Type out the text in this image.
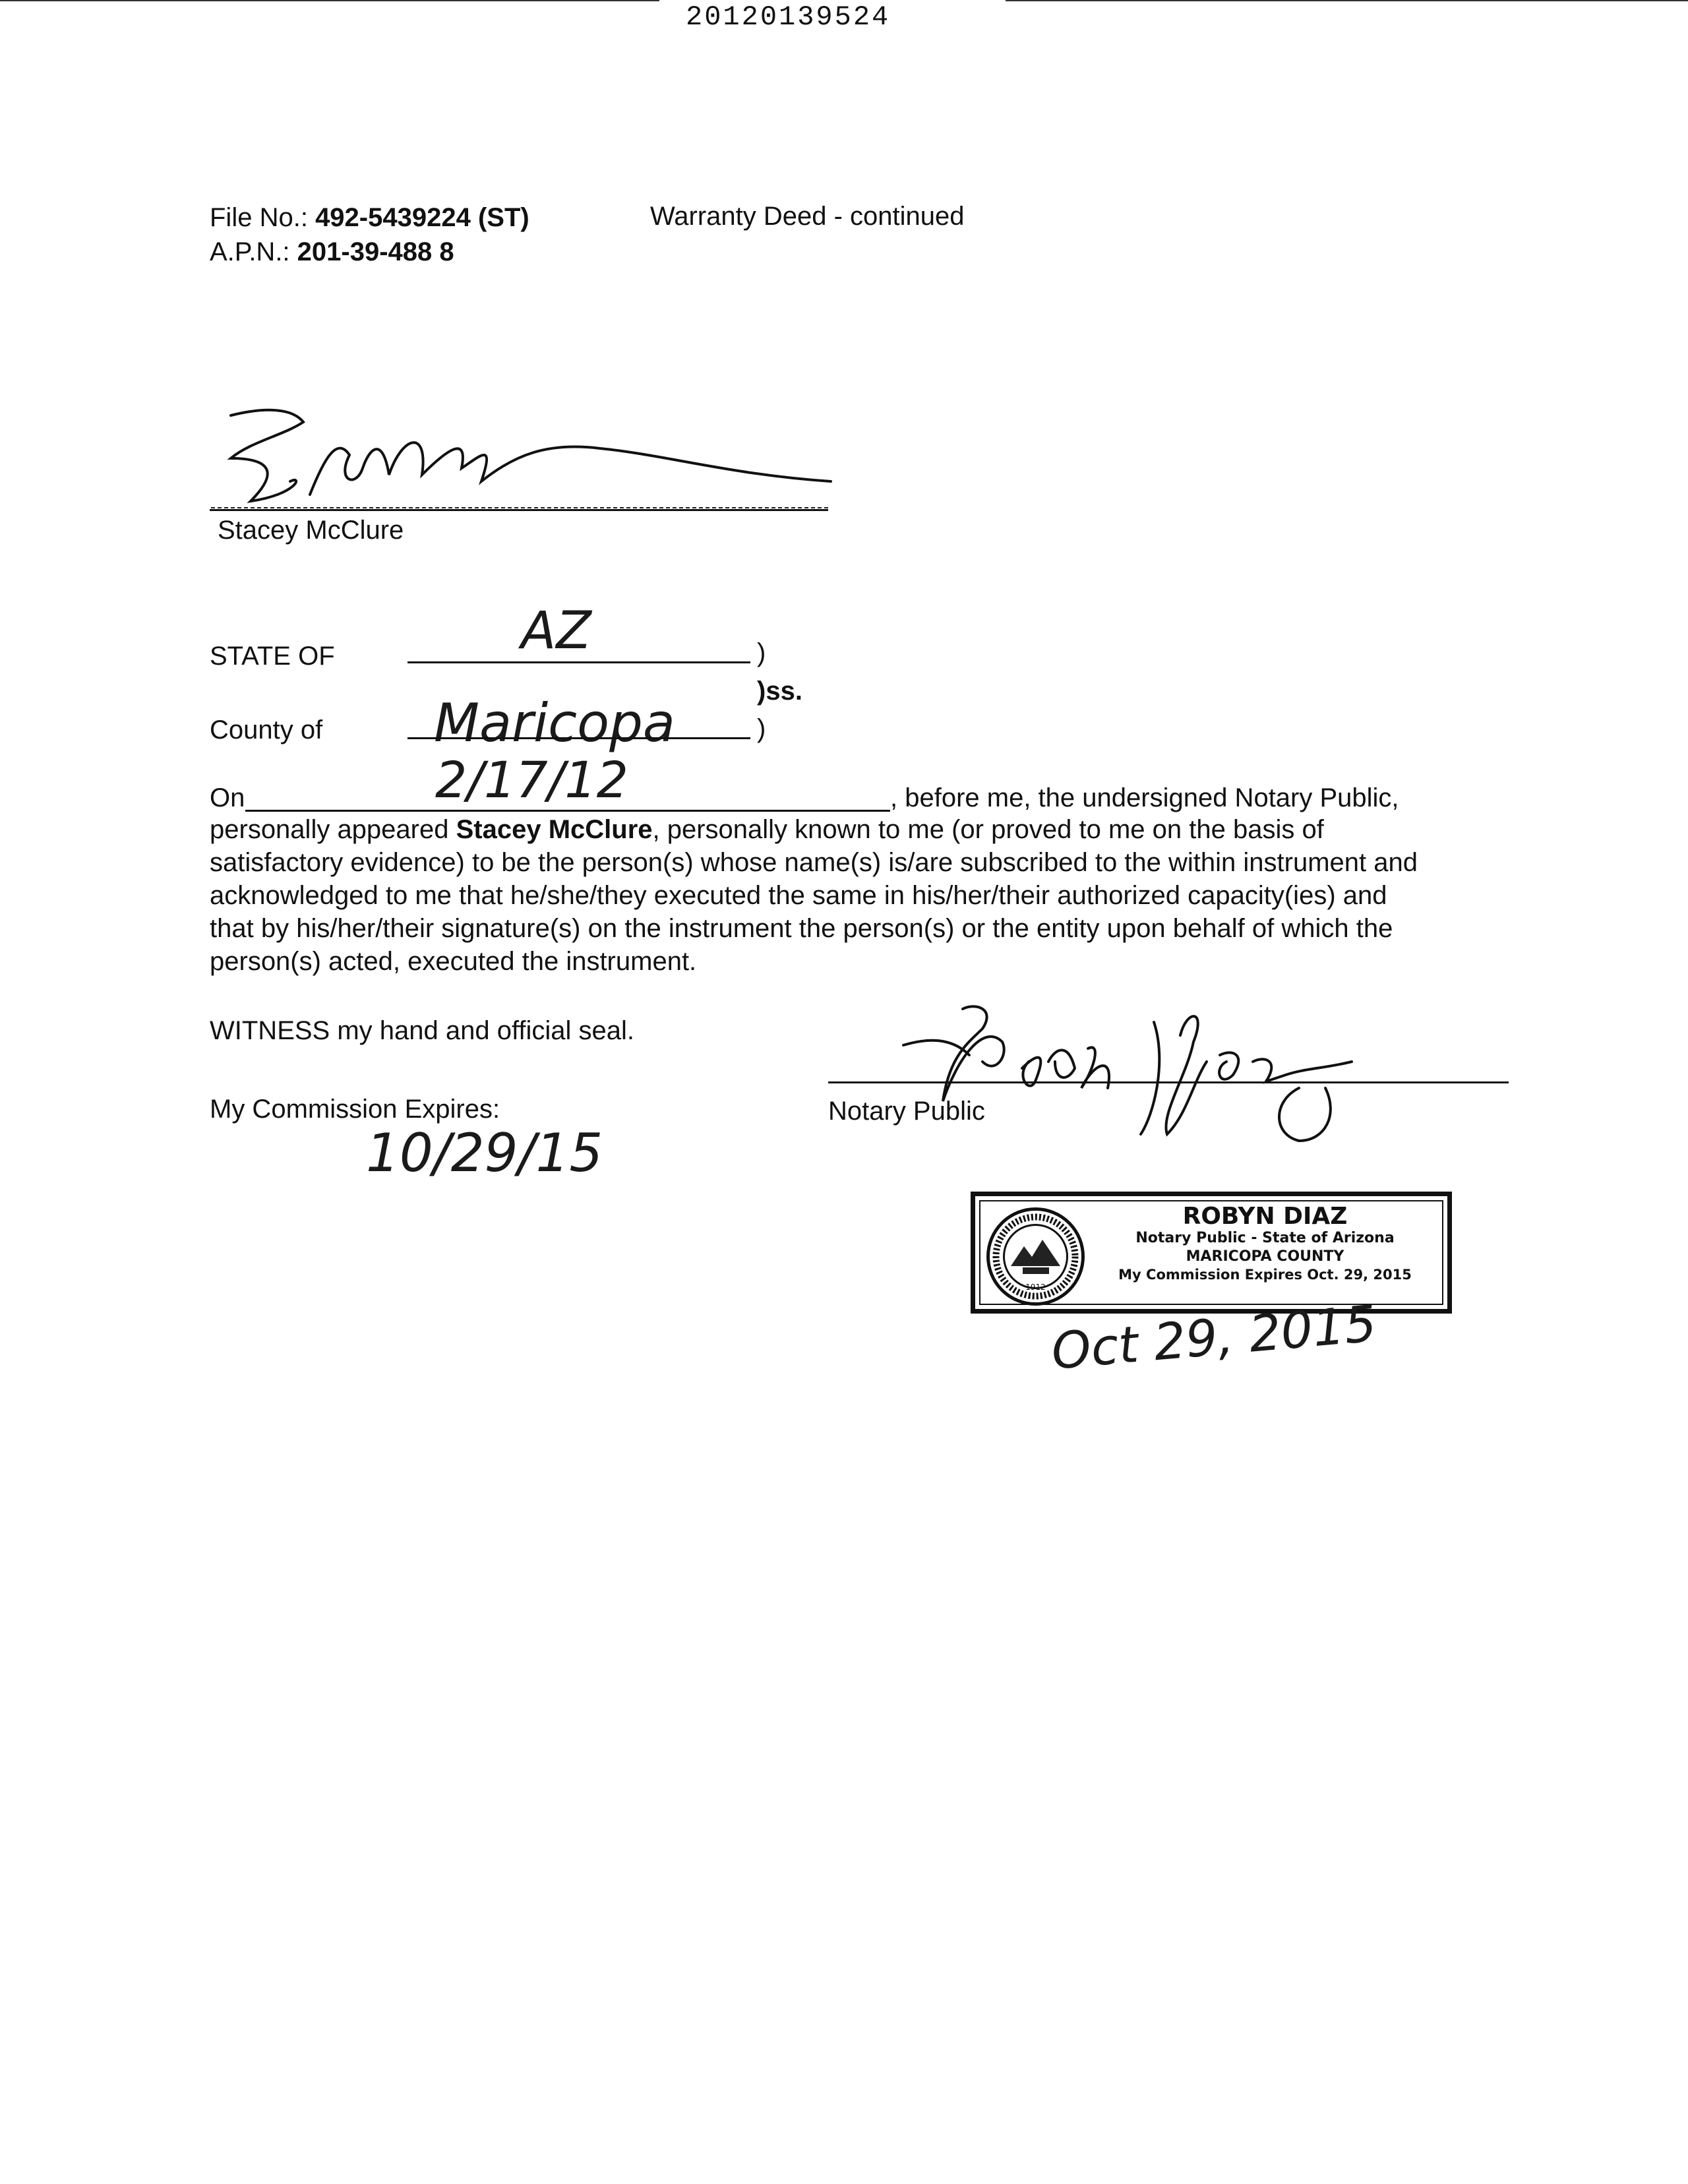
20120139524
File No.: 492-5439224 (ST)	Warranty Deed - continued
A.P.N.: 201-39-488 8
Stacey McClure
STATE OF	AZ	)
)ss.
County of Maricopa	)
On	2/17/12	, before me, the undersigned Notary Public,
personally appeared Stacey McClure, personally known to me (or proved to me on the basis of
satisfactory evidence) to be the person(s) whose name(s) is/are subscribed to the within instrument and
acknowledged to me that he/she/they executed the same in his/her/their authorized capacity(ies) and
that by his/her/their signature(s) on the instrument the person(s) or the entity upon behalf of which the
person(s) acted, executed the instrument.
WITNESS my hand and official seal.
My Commission Expires:
10/29/15
Notary Public
1912
ROBYN DIAZ
Notary Public - State of Arizona
MARICOPA COUNTY
My Commission Expires Oct. 29, 2015
Oct 29, 2015
